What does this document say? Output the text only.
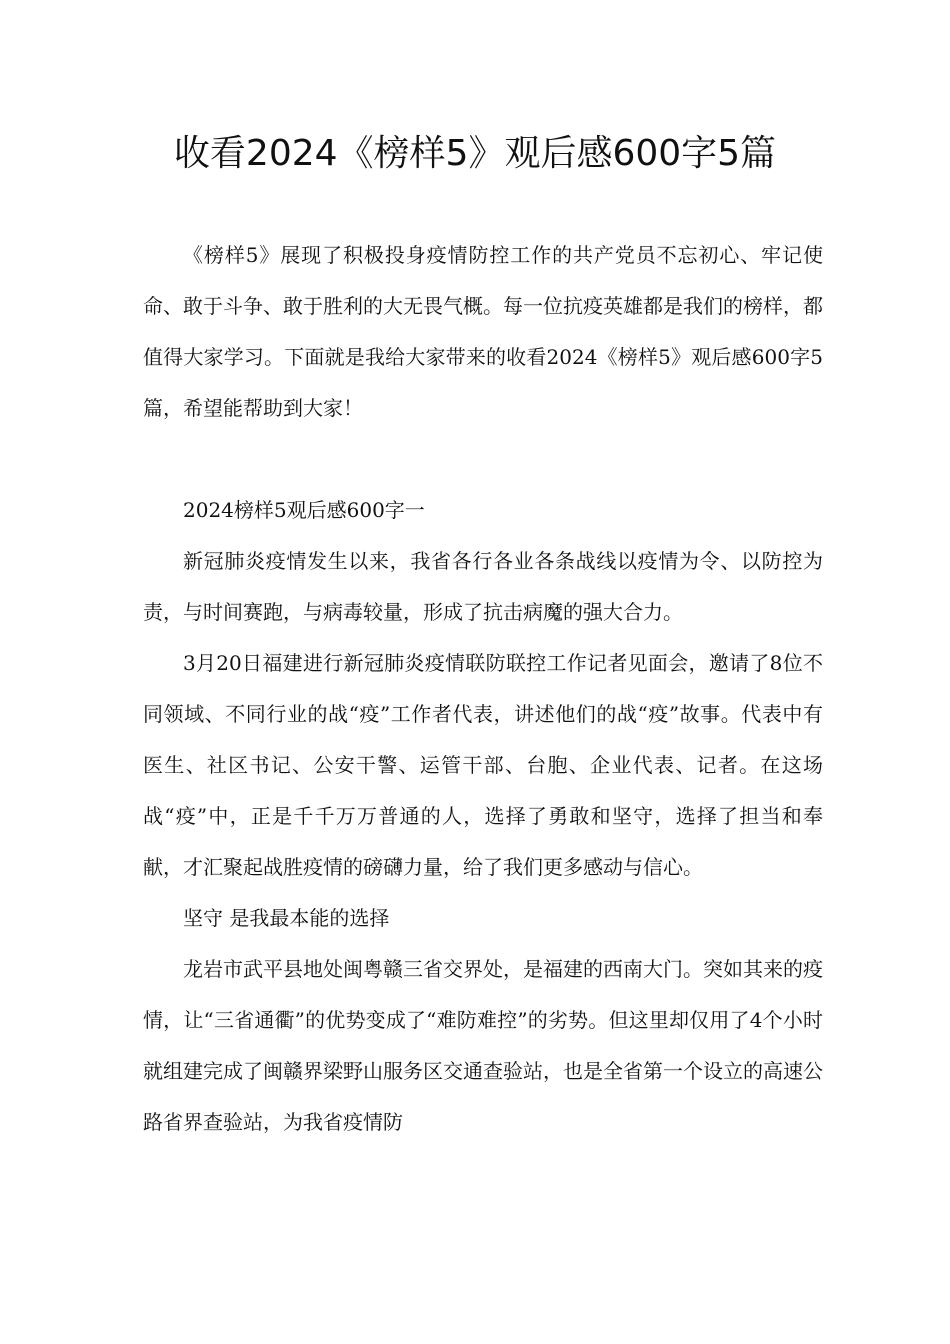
收看2024《榜样5》观后感600字5篇

《榜样5》展现了积极投身疫情防控工作的共产党员不忘初心、牢记使命、敢于斗争、敢于胜利的大无畏气概。每一位抗疫英雄都是我们的榜样，都值得大家学习。下面就是我给大家带来的收看2024《榜样5》观后感600字5篇，希望能帮助到大家！

2024榜样5观后感600字一

新冠肺炎疫情发生以来，我省各行各业各条战线以疫情为令、以防控为责，与时间赛跑，与病毒较量，形成了抗击病魔的强大合力。

3月20日福建进行新冠肺炎疫情联防联控工作记者见面会，邀请了8位不同领域、不同行业的战“疫”工作者代表，讲述他们的战“疫”故事。代表中有医生、社区书记、公安干警、运管干部、台胞、企业代表、记者。在这场战“疫”中，正是千千万万普通的人，选择了勇敢和坚守，选择了担当和奉献，才汇聚起战胜疫情的磅礴力量，给了我们更多感动与信心。

坚守 是我最本能的选择

龙岩市武平县地处闽粤赣三省交界处，是福建的西南大门。突如其来的疫情，让“三省通衢”的优势变成了“难防难控”的劣势。但这里却仅用了4个小时就组建完成了闽赣界梁野山服务区交通查验站，也是全省第一个设立的高速公路省界查验站，为我省疫情防
